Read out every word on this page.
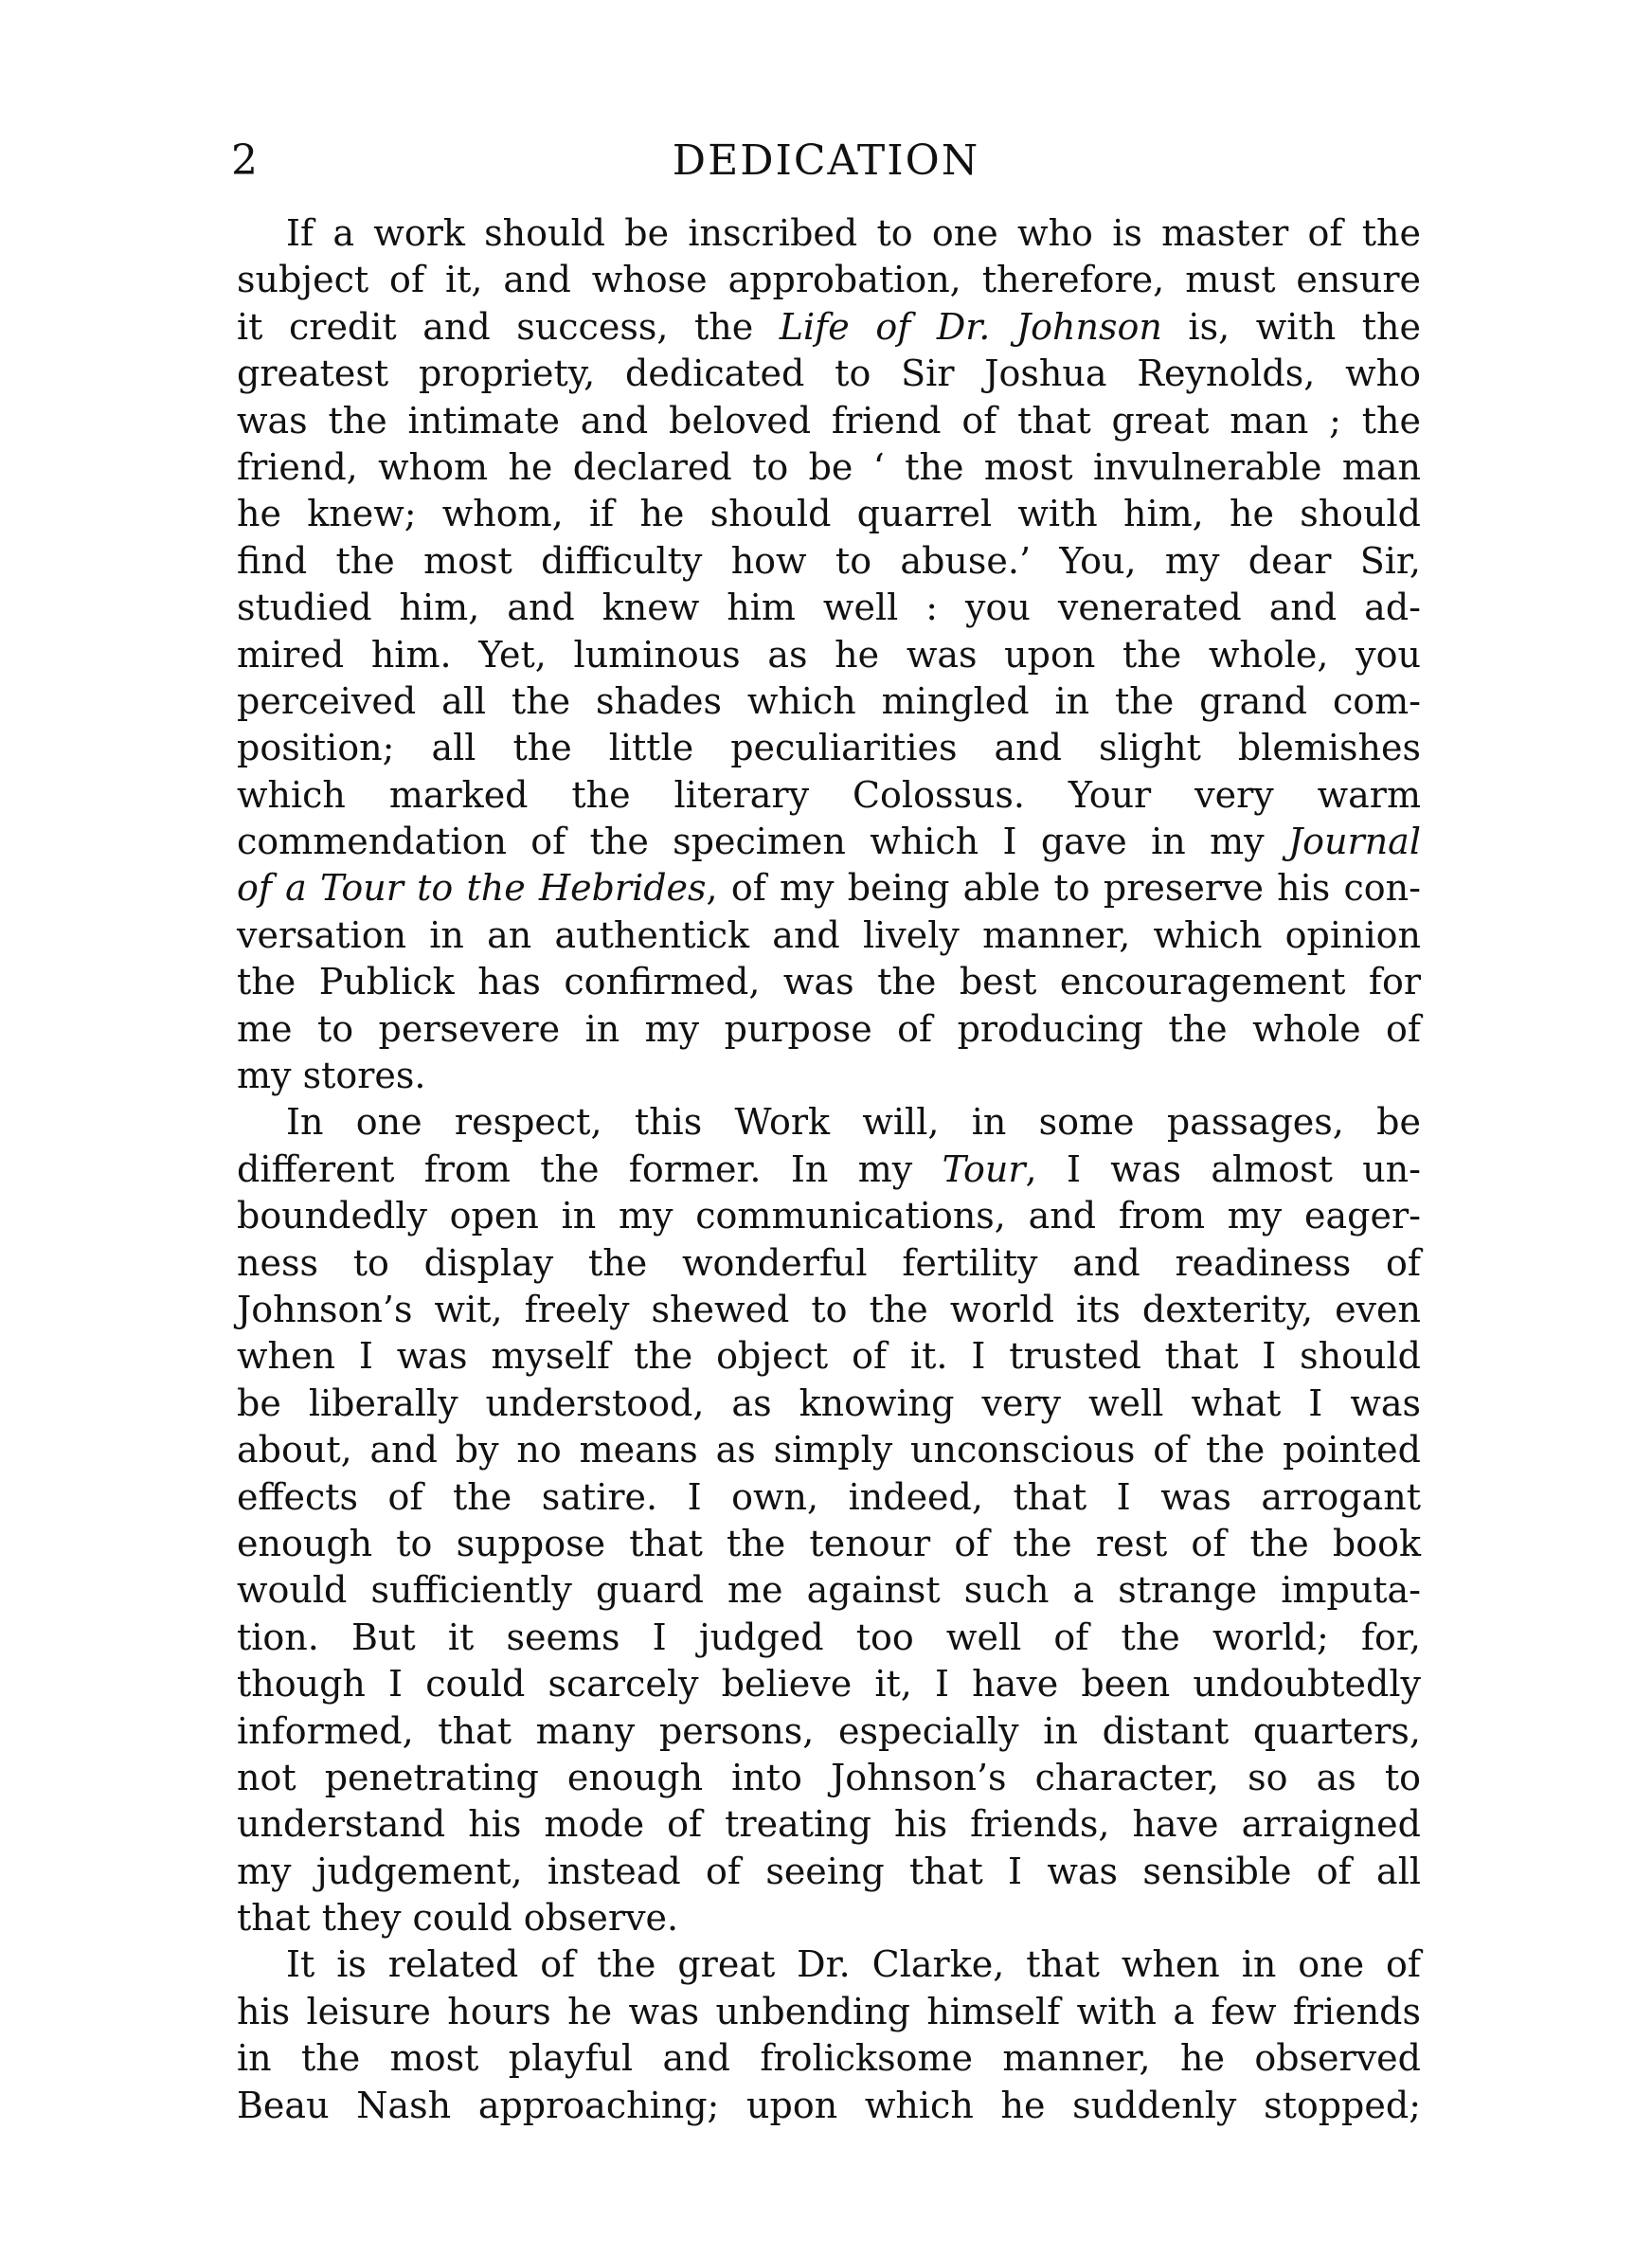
2	DEDICATION
If a work should be inscribed to one who is master of the
subject of it, and whose approbation, therefore, must ensure
it credit and success, the Life of Dr. Johnson is, with the
greatest propriety, dedicated to Sir Joshua Reynolds, who
was the intimate and beloved friend of that great man ; the
friend, whom he declared to be ‘ the most invulnerable man
he knew; whom, if he should quarrel with him, he should
find the most difficulty how to abuse.’ You, my dear Sir,
studied him, and knew him well : you venerated and ad-
mired him. Yet, luminous as he was upon the whole, you
perceived all the shades which mingled in the grand com-
position; all the little peculiarities and slight blemishes
which marked the literary Colossus. Your very warm
commendation of the specimen which I gave in my Journal
of a Tour to the Hebrides, of my being able to preserve his con-
versation in an authentick and lively manner, which opinion
the Publick has confirmed, was the best encouragement for
me to persevere in my purpose of producing the whole of
my stores.
In one respect, this Work will, in some passages, be
different from the former. In my Tour, I was almost un-
boundedly open in my communications, and from my eager-
ness to display the wonderful fertility and readiness of
Johnson’s wit, freely shewed to the world its dexterity, even
when I was myself the object of it. I trusted that I should
be liberally understood, as knowing very well what I was
about, and by no means as simply unconscious of the pointed
effects of the satire. I own, indeed, that I was arrogant
enough to suppose that the tenour of the rest of the book
would sufficiently guard me against such a strange imputa-
tion. But it seems I judged too well of the world; for,
though I could scarcely believe it, I have been undoubtedly
informed, that many persons, especially in distant quarters,
not penetrating enough into Johnson’s character, so as to
understand his mode of treating his friends, have arraigned
my judgement, instead of seeing that I was sensible of all
that they could observe.
It is related of the great Dr. Clarke, that when in one of
his leisure hours he was unbending himself with a few friends
in the most playful and frolicksome manner, he observed
Beau Nash approaching; upon which he suddenly stopped;
